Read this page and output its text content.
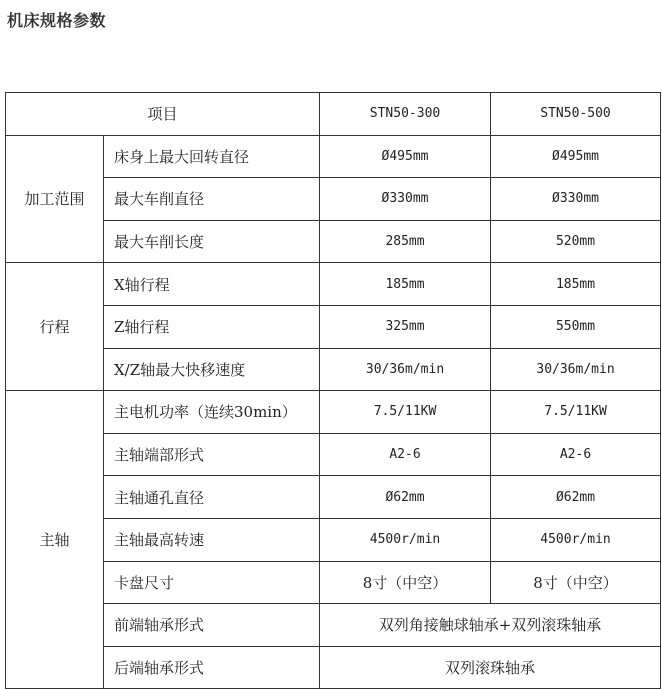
机床规格参数
项目		STN50-300	STN50-500
加工范围	床身上最大回转直径	Ø495mm	Ø495mm
	最大车削直径	Ø330mm	Ø330mm
	最大车削长度	285mm	520mm
行程	X轴行程	185mm	185mm
	Z轴行程	325mm	550mm
	X/Z轴最大快移速度	30/36m/min	30/36m/min
主轴	主电机功率（连续30min）	7.5/11KW	7.5/11KW
	主轴端部形式	A2-6	A2-6
	主轴通孔直径	Ø62mm	Ø62mm
	主轴最高转速	4500r/min	4500r/min
	卡盘尺寸	8寸（中空）	8寸（中空）
	前端轴承形式	双列角接触球轴承+双列滚珠轴承	
	后端轴承形式	双列滚珠轴承	
